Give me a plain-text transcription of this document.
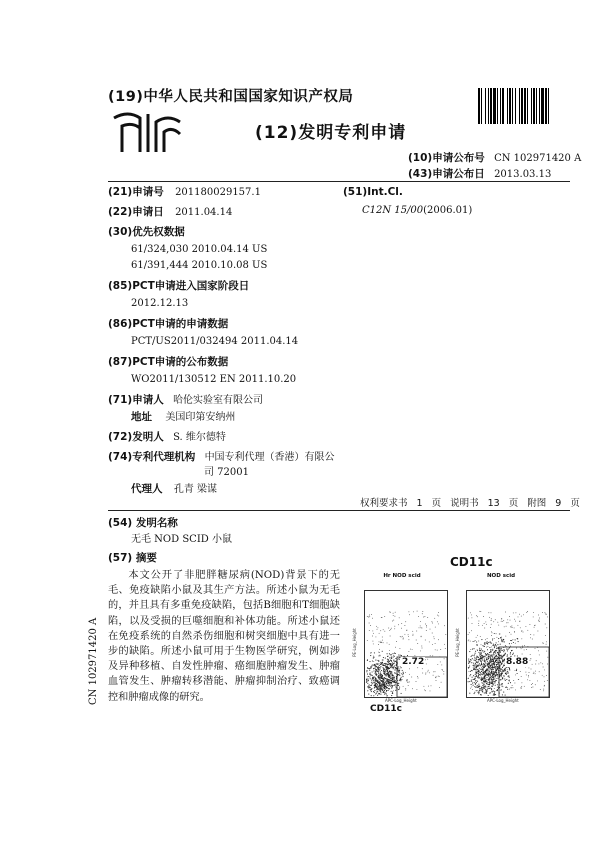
(19)中华人民共和国国家知识产权局
(12)发明专利申请
(10)申请公布号 CN 102971420 A
(43)申请公布日 2013.03.13
(21)申请号 201180029157.1
(22)申请日 2011.04.14
(30)优先权数据
61/324,030 2010.04.14 US
61/391,444 2010.10.08 US
(85)PCT申请进入国家阶段日
2012.12.13
(86)PCT申请的申请数据
PCT/US2011/032494 2011.04.14
(87)PCT申请的公布数据
WO2011/130512 EN 2011.10.20
(71)申请人 哈伦实验室有限公司
地址 美国印第安纳州
(72)发明人 S. 维尔德特
(74)专利代理机构 中国专利代理（香港）有限公
司 72001
代理人 孔青 梁谋
(51)Int.Cl.
C12N 15/00(2006.01)
权利要求书 1 页 说明书 13 页 附图 9 页
(54) 发明名称
无毛 NOD SCID 小鼠
(57) 摘要
本文公开了非肥胖糖尿病(NOD)背景下的无毛、免疫缺陷小鼠及其生产方法。所述小鼠为无毛的，并且具有多重免疫缺陷，包括B细胞和T细胞缺陷，以及受损的巨噬细胞和补体功能。所述小鼠还在免疫系统的自然杀伤细胞和树突细胞中具有进一步的缺陷。所述小鼠可用于生物医学研究，例如涉及异种移植、自发性肿瘤、癌细胞肿瘤发生、肿瘤血管发生、肿瘤转移潜能、肿瘤抑制治疗、致癌调控和肿瘤成像的研究。
CD11c
Hr NOD scid	NOD scid
2.72	8.88
APC-Log_Height	APC-Log_Height
PE-Log_Height	PE-Log_Height
CD11c
CN 102971420 A
